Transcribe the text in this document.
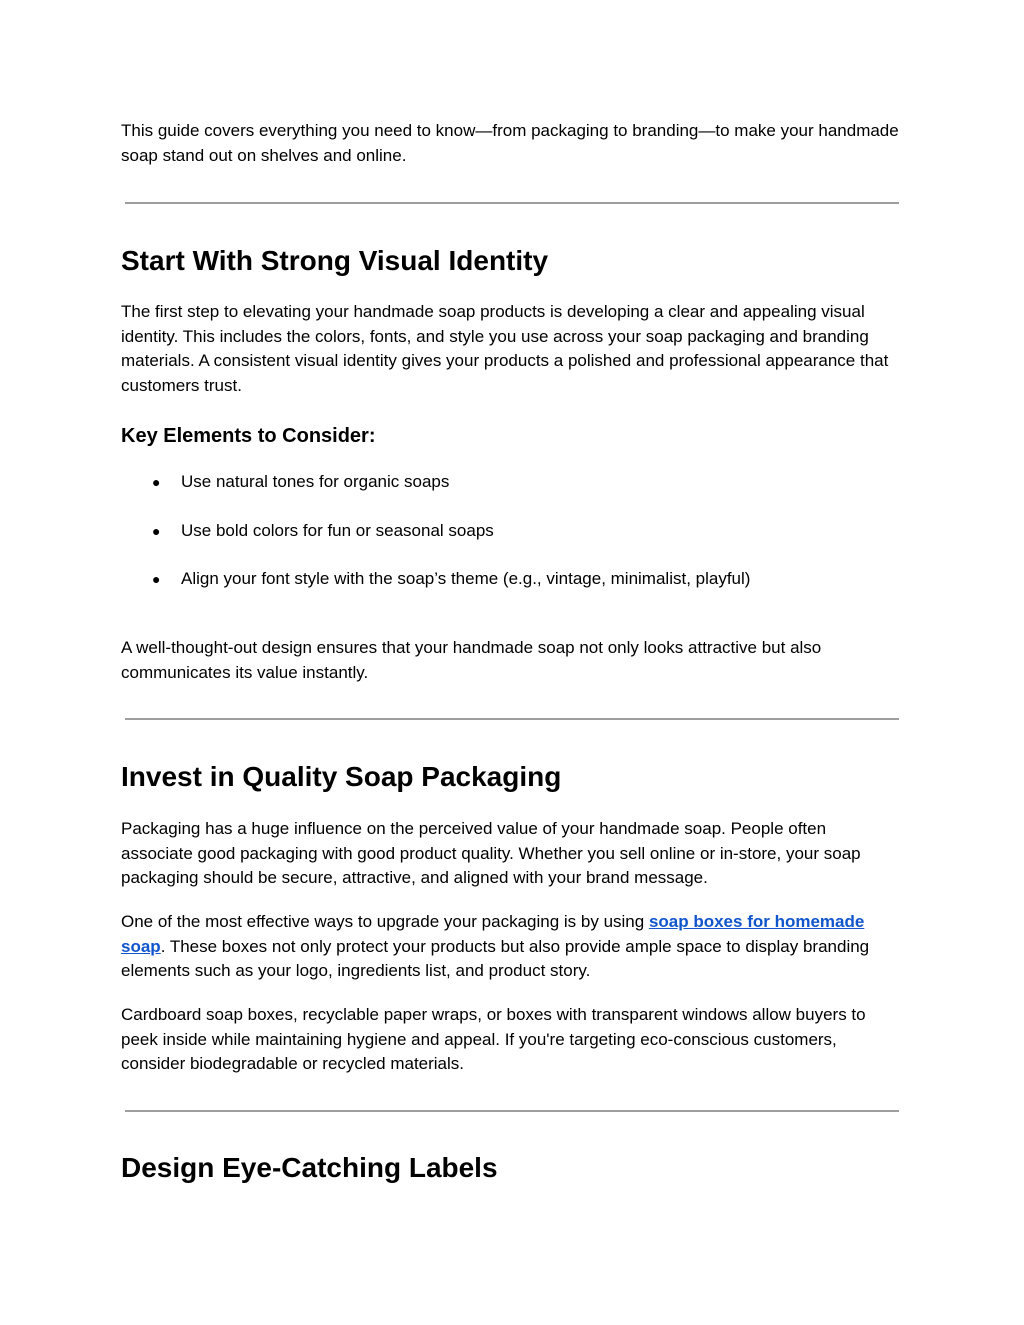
This guide covers everything you need to know—from packaging to branding—to make your handmade soap stand out on shelves and online.

Start With Strong Visual Identity

The first step to elevating your handmade soap products is developing a clear and appealing visual identity. This includes the colors, fonts, and style you use across your soap packaging and branding materials. A consistent visual identity gives your products a polished and professional appearance that customers trust.

Key Elements to Consider:
● Use natural tones for organic soaps
● Use bold colors for fun or seasonal soaps
● Align your font style with the soap’s theme (e.g., vintage, minimalist, playful)

A well-thought-out design ensures that your handmade soap not only looks attractive but also communicates its value instantly.

Invest in Quality Soap Packaging

Packaging has a huge influence on the perceived value of your handmade soap. People often associate good packaging with good product quality. Whether you sell online or in-store, your soap packaging should be secure, attractive, and aligned with your brand message.

One of the most effective ways to upgrade your packaging is by using soap boxes for homemade soap. These boxes not only protect your products but also provide ample space to display branding elements such as your logo, ingredients list, and product story.

Cardboard soap boxes, recyclable paper wraps, or boxes with transparent windows allow buyers to peek inside while maintaining hygiene and appeal. If you're targeting eco-conscious customers, consider biodegradable or recycled materials.

Design Eye-Catching Labels
